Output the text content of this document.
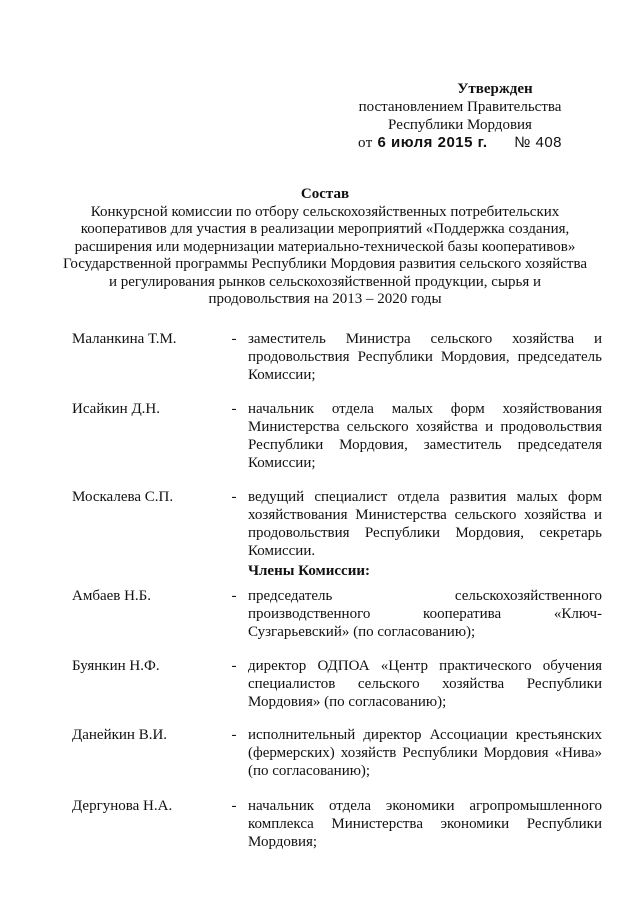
Утвержден
постановлением Правительства
Республики Мордовия
от 6 июля 2015 г. № 408
Состав
Конкурсной комиссии по отбору сельскохозяйственных потребительских кооперативов для участия в реализации мероприятий «Поддержка создания, расширения или модернизации материально-технической базы кооперативов» Государственной программы Республики Мордовия развития сельского хозяйства и регулирования рынков сельскохозяйственной продукции, сырья и продовольствия на 2013 – 2020 годы
Маланкина Т.М.	- заместитель Министра сельского хозяйства и продовольствия Республики Мордовия, председатель Комиссии;
Исайкин Д.Н.	- начальник отдела малых форм хозяйствования Министерства сельского хозяйства и продовольствия Республики Мордовия, заместитель председателя Комиссии;
Москалева С.П.	- ведущий специалист отдела развития малых форм хозяйствования Министерства сельского хозяйства и продовольствия Республики Мордовия, секретарь Комиссии.
Члены Комиссии:
Амбаев Н.Б.	- председатель сельскохозяйственного производственного кооператива «Ключ-Сузгарьевский» (по согласованию);
Буянкин Н.Ф.	- директор ОДПОА «Центр практического обучения специалистов сельского хозяйства Республики Мордовия» (по согласованию);
Данейкин В.И.	- исполнительный директор Ассоциации крестьянских (фермерских) хозяйств Республики Мордовия «Нива» (по согласованию);
Дергунова Н.А.	- начальник отдела экономики агропромышленного комплекса Министерства экономики Республики Мордовия;
